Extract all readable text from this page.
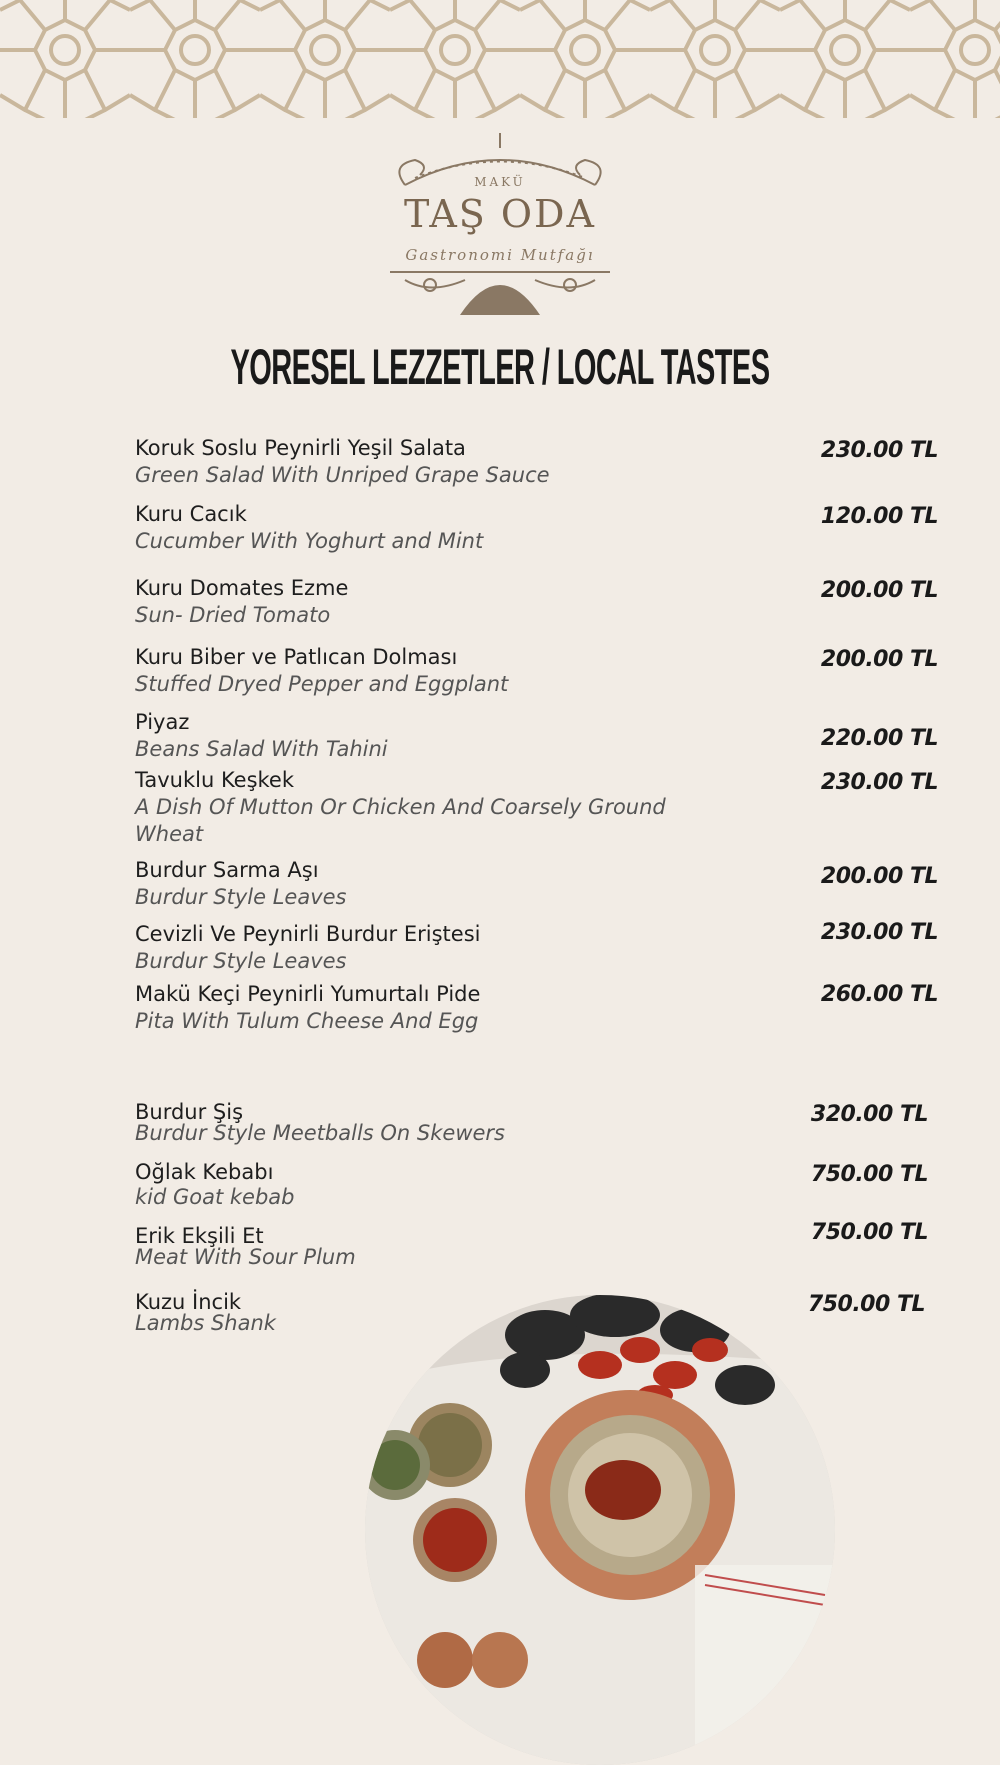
MAKÜ
TAŞ ODA
Gastronomi Mutfağı
YORESEL LEZZETLER / LOCAL TASTES
Koruk Soslu Peynirli Yeşil Salata
Green Salad With Unriped Grape Sauce
230.00 TL
Kuru Cacık
Cucumber With Yoghurt and Mint
120.00 TL
Kuru Domates Ezme
Sun- Dried Tomato
200.00 TL
Kuru Biber ve Patlıcan Dolması
Stuffed Dryed Pepper and Eggplant
200.00 TL
Piyaz
Beans Salad With Tahini	220.00 TL
Tavuklu Keşkek
A Dish Of Mutton Or Chicken And Coarsely Ground Wheat
230.00 TL
Burdur Sarma Aşı
Burdur Style Leaves
200.00 TL
Cevizli Ve Peynirli Burdur Eriştesi
Burdur Style Leaves
230.00 TL
Makü Keçi Peynirli Yumurtalı Pide
Pita With Tulum Cheese And Egg
260.00 TL
Burdur Şiş
Burdur Style Meetballs On Skewers
320.00 TL
Oğlak Kebabı
kid Goat kebab
750.00 TL
Erik Ekşili Et
Meat With Sour Plum
750.00 TL
Kuzu İncik
Lambs Shank
750.00 TL
